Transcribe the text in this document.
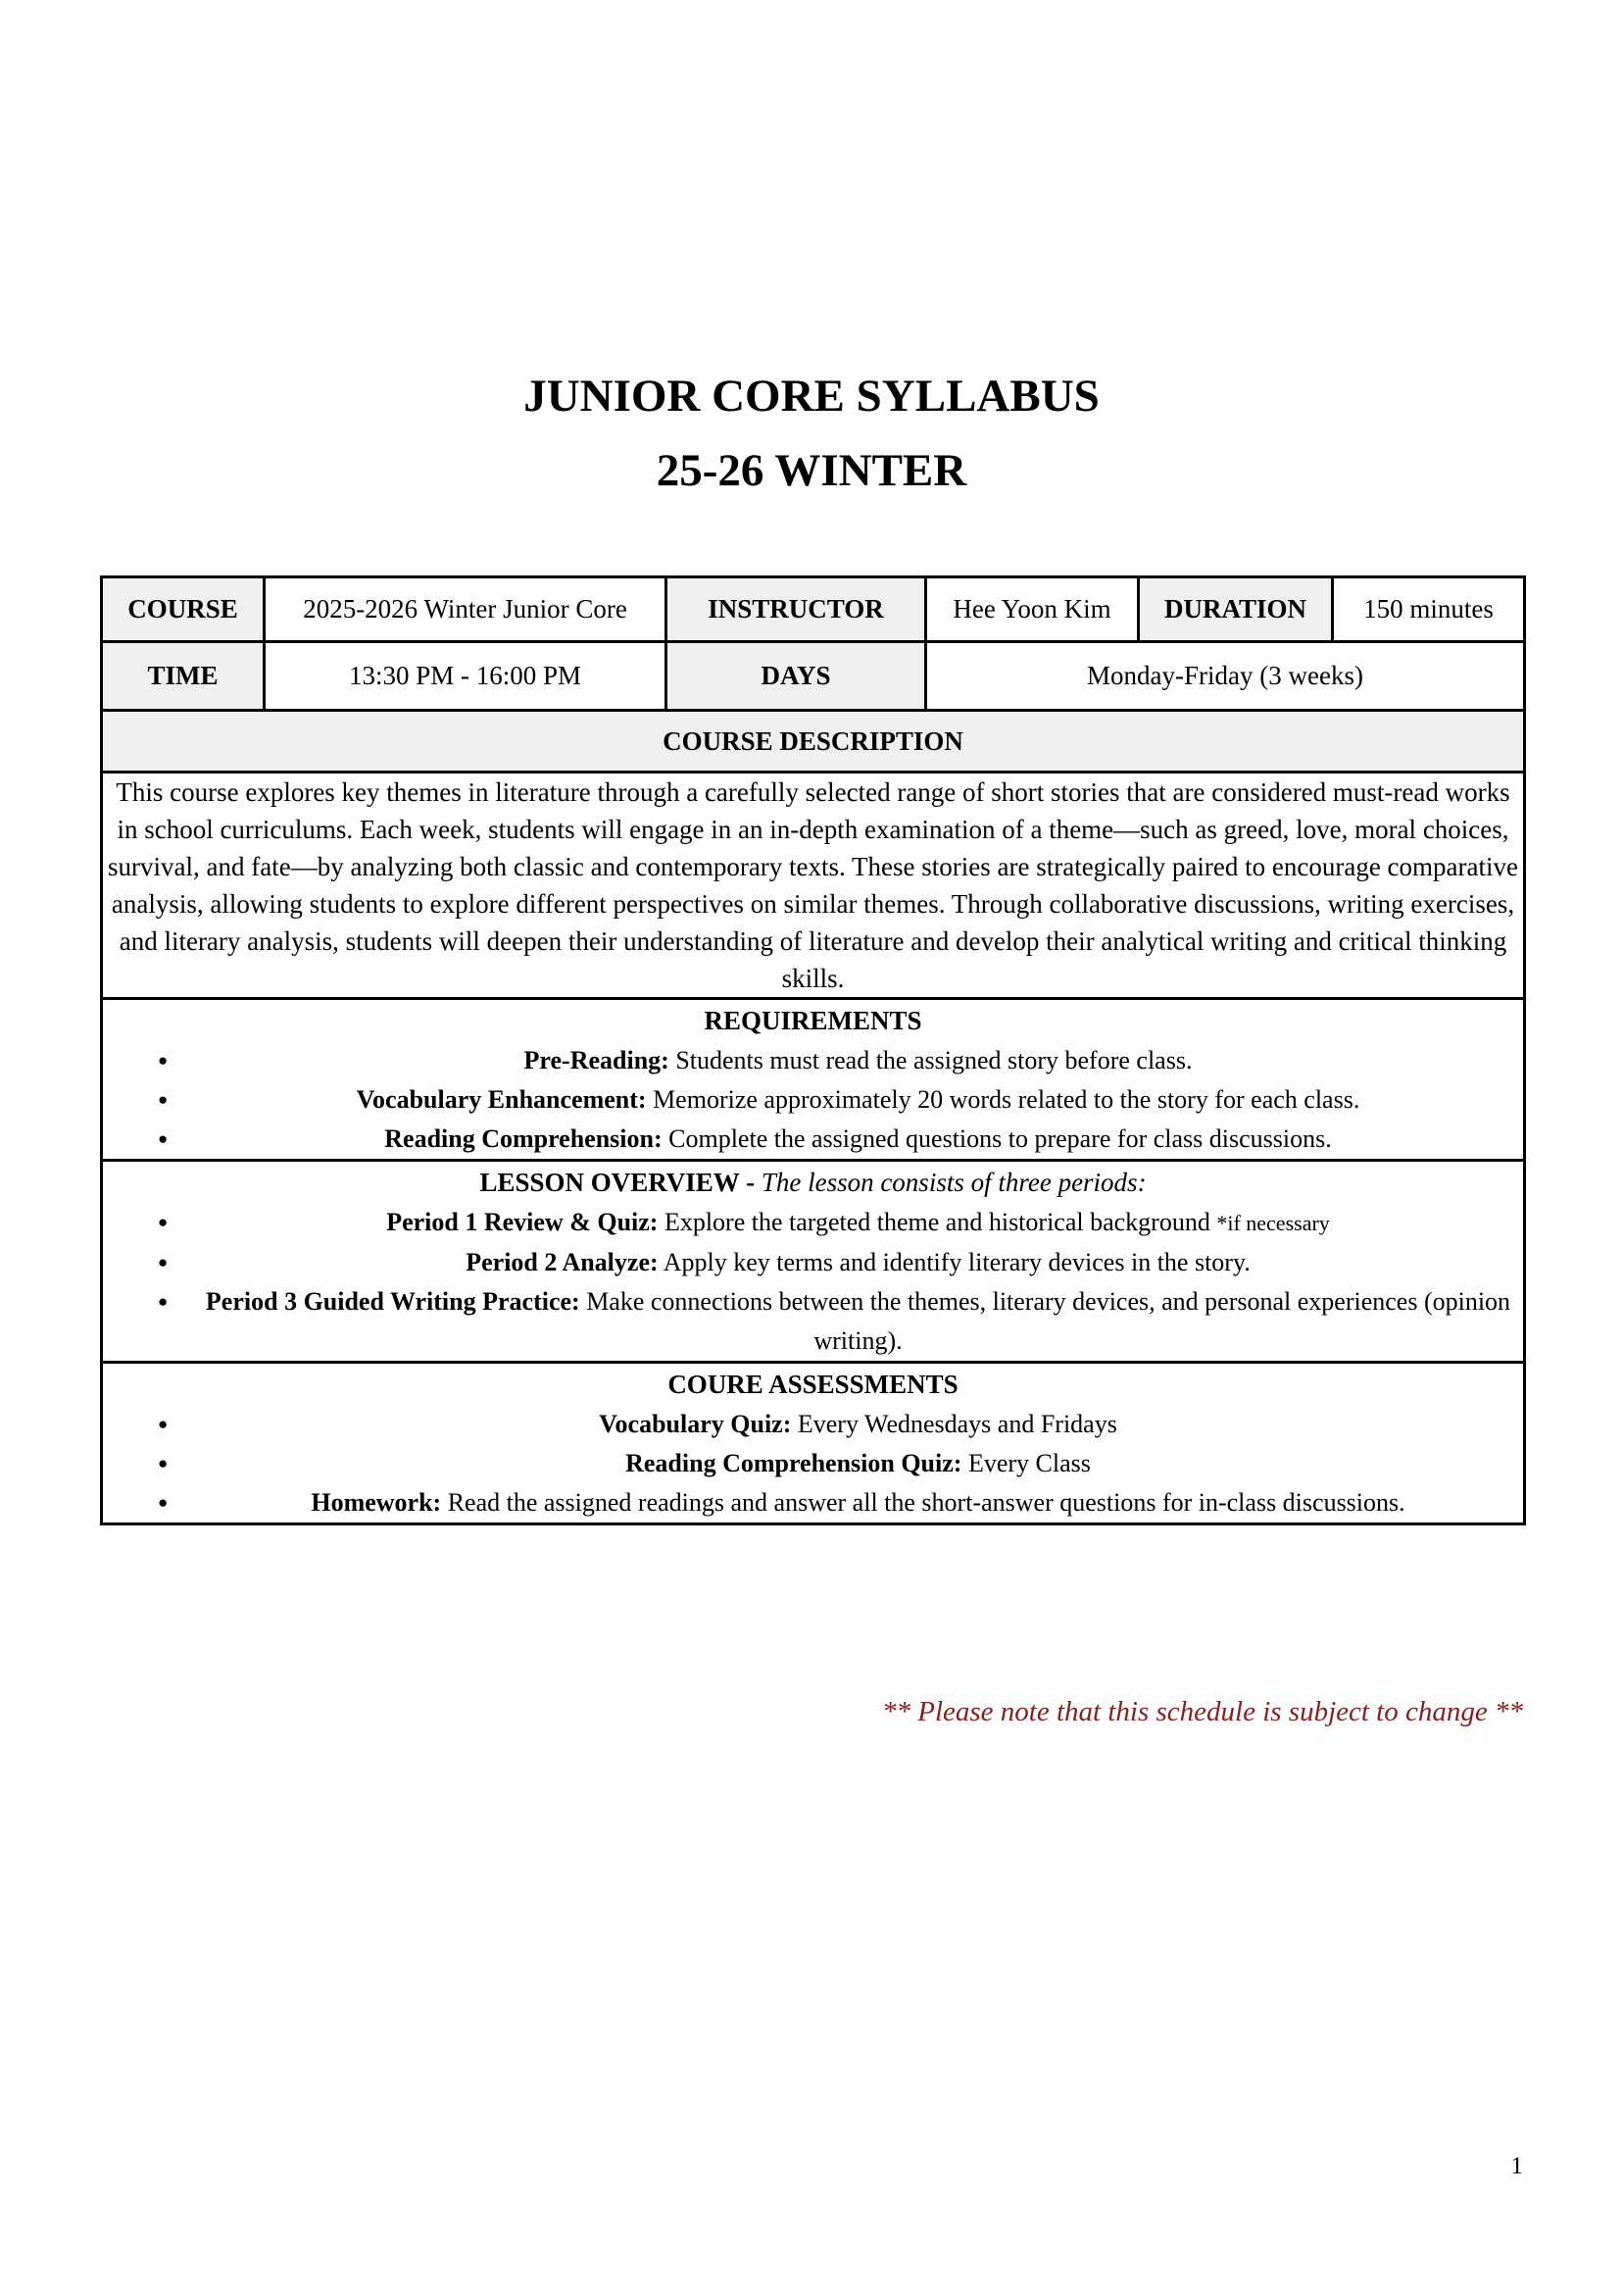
JUNIOR CORE SYLLABUS
25-26 WINTER
COURSE	2025-2026 Winter Junior Core	INSTRUCTOR	Hee Yoon Kim	DURATION	150 minutes
TIME	13:30 PM - 16:00 PM	DAYS	Monday-Friday (3 weeks)		
COURSE DESCRIPTION					
This course explores key themes in literature through a carefully selected range of short stories that are considered must-read works in school curriculums. Each week, students will engage in an in-depth examination of a theme—such as greed, love, moral choices, survival, and fate—by analyzing both classic and contemporary texts. These stories are strategically paired to encourage comparative analysis, allowing students to explore different perspectives on similar themes. Through collaborative discussions, writing exercises, and literary analysis, students will deepen their understanding of literature and develop their analytical writing and critical thinking skills.					

REQUIREMENTS
●	Pre-Reading: Students must read the assigned story before class.
●	Vocabulary Enhancement: Memorize approximately 20 words related to the story for each class.
●	Reading Comprehension: Complete the assigned questions to prepare for class discussions.

LESSON OVERVIEW - The lesson consists of three periods:
●	Period 1 Review & Quiz: Explore the targeted theme and historical background *if necessary
●	Period 2 Analyze: Apply key terms and identify literary devices in the story.
● Period 3 Guided Writing Practice: Make connections between the themes, literary devices, and personal experiences (opinion writing).

COURE ASSESSMENTS
●	Vocabulary Quiz: Every Wednesdays and Fridays
●	Reading Comprehension Quiz: Every Class
●	Homework: Read the assigned readings and answer all the short-answer questions for in-class discussions.
** Please note that this schedule is subject to change **
1
